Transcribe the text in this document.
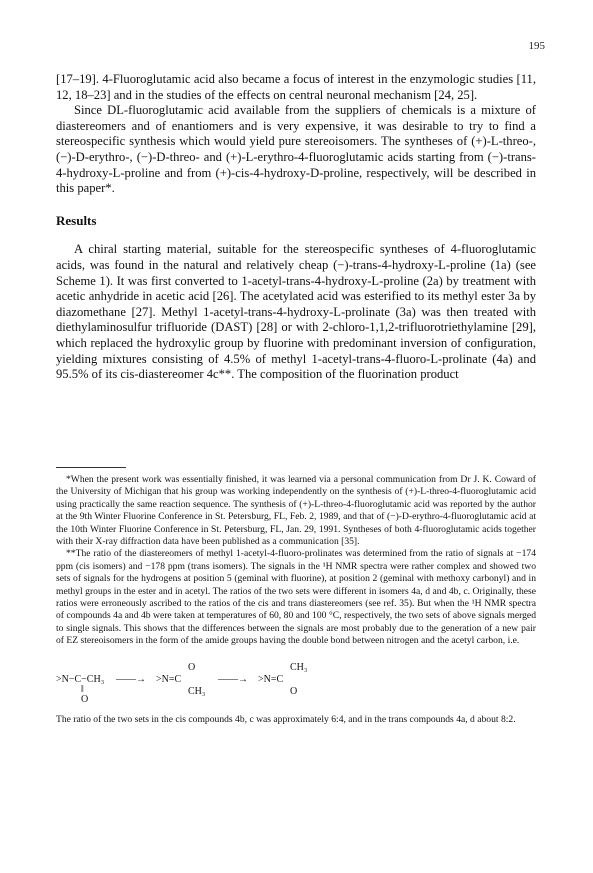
195

[17–19]. 4-Fluoroglutamic acid also became a focus of interest in the enzymologic studies [11, 12, 18–23] and in the studies of the effects on central neuronal mechanism [24, 25].

Since DL-fluoroglutamic acid available from the suppliers of chemicals is a mixture of diastereomers and of enantiomers and is very expensive, it was desirable to try to find a stereospecific synthesis which would yield pure stereoisomers. The syntheses of (+)-L-threo-, (−)-D-erythro-, (−)-D-threo- and (+)-L-erythro-4-fluoroglutamic acids starting from (−)-trans-4-hydroxy-L-proline and from (+)-cis-4-hydroxy-D-proline, respectively, will be described in this paper*.

Results

A chiral starting material, suitable for the stereospecific syntheses of 4-fluoroglutamic acids, was found in the natural and relatively cheap (−)-trans-4-hydroxy-L-proline (1a) (see Scheme 1). It was first converted to 1-acetyl-trans-4-hydroxy-L-proline (2a) by treatment with acetic anhydride in acetic acid [26]. The acetylated acid was esterified to its methyl ester 3a by diazomethane [27]. Methyl 1-acetyl-trans-4-hydroxy-L-prolinate (3a) was then treated with diethylaminosulfur trifluoride (DAST) [28] or with 2-chloro-1,1,2-trifluorotriethylamine [29], which replaced the hydroxylic group by fluorine with predominant inversion of configuration, yielding mixtures consisting of 4.5% of methyl 1-acetyl-trans-4-fluoro-L-prolinate (4a) and 95.5% of its cis-diastereomer 4c**. The composition of the fluorination product

*When the present work was essentially finished, it was learned via a personal communication from Dr J. K. Coward of the University of Michigan that his group was working independently on the synthesis of (+)-L-threo-4-fluoroglutamic acid using practically the same reaction sequence. The synthesis of (+)-L-threo-4-fluoroglutamic acid was reported by the author at the 9th Winter Fluorine Conference in St. Petersburg, FL, Feb. 2, 1989, and that of (−)-D-erythro-4-fluoroglutamic acid at the 10th Winter Fluorine Conference in St. Petersburg, FL, Jan. 29, 1991. Syntheses of both 4-fluoroglutamic acids together with their X-ray diffraction data have been published as a communication [35].

**The ratio of the diastereomers of methyl 1-acetyl-4-fluoro-prolinates was determined from the ratio of signals at −174 ppm (cis isomers) and −178 ppm (trans isomers). The signals in the ¹H NMR spectra were rather complex and showed two sets of signals for the hydrogens at position 5 (geminal with fluorine), at position 2 (geminal with methoxy carbonyl) and in methyl groups in the ester and in acetyl. The ratios of the two sets were different in isomers 4a, d and 4b, c. Originally, these ratios were erroneously ascribed to the ratios of the cis and trans diastereomers (see ref. 35). But when the ¹H NMR spectra of compounds 4a and 4b were taken at temperatures of 60, 80 and 100 °C, respectively, the two sets of above signals merged to single signals. This shows that the differences between the signals are most probably due to the generation of a new pair of EZ stereoisomers in the form of the amide groups having the double bond between nitrogen and the acetyl carbon, i.e.

>N−C−CH₃
‖
O
——→ >N=C
O
CH₃
——→ >N=C
CH₃
O

The ratio of the two sets in the cis compounds 4b, c was approximately 6:4, and in the trans compounds 4a, d about 8:2.
